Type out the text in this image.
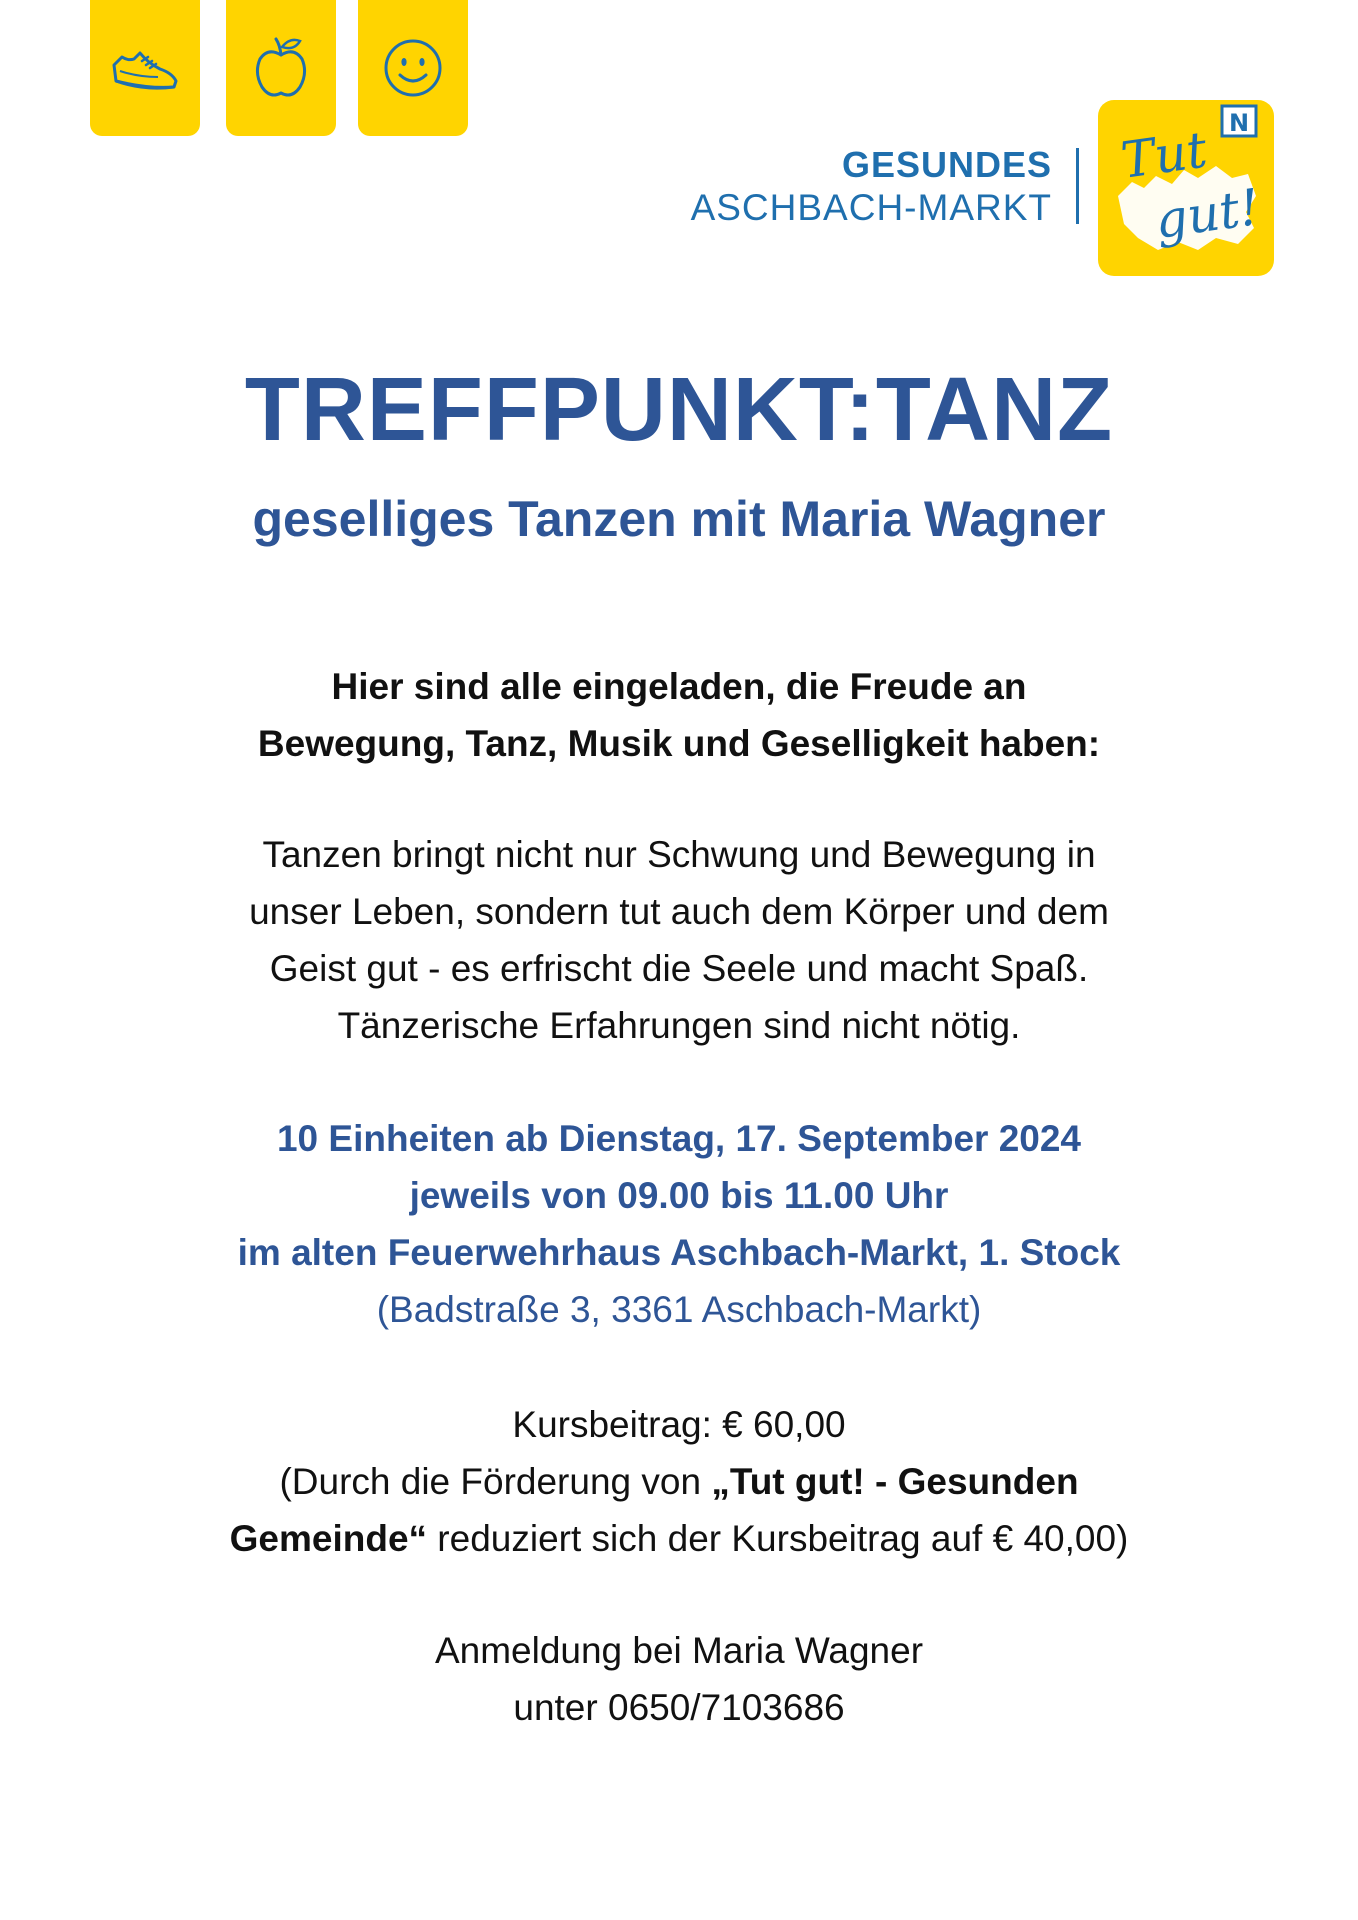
GESUNDES
ASCHBACH-MARKT
N
Tut
gut!
TREFFPUNKT:TANZ
geselliges Tanzen mit Maria Wagner
Hier sind alle eingeladen, die Freude an
Bewegung, Tanz, Musik und Geselligkeit haben:
Tanzen bringt nicht nur Schwung und Bewegung in
unser Leben, sondern tut auch dem Körper und dem
Geist gut - es erfrischt die Seele und macht Spaß.
Tänzerische Erfahrungen sind nicht nötig.
10 Einheiten ab Dienstag, 17. September 2024
jeweils von 09.00 bis 11.00 Uhr
im alten Feuerwehrhaus Aschbach-Markt, 1. Stock
(Badstraße 3, 3361 Aschbach-Markt)
Kursbeitrag: € 60,00
(Durch die Förderung von „Tut gut! - Gesunden
Gemeinde“ reduziert sich der Kursbeitrag auf € 40,00)
Anmeldung bei Maria Wagner
unter 0650/7103686
